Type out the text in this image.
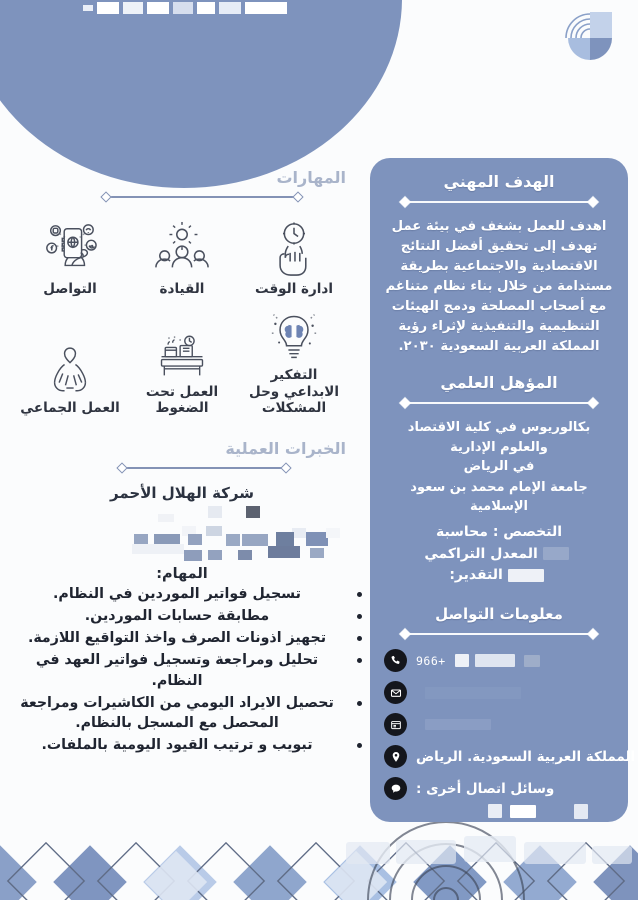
الهدف المهني

اهدف للعمل بشغف في بيئة عمل تهدف إلى تحقيق أفضل النتائج الاقتصادية والاجتماعية بطريقة مستدامة من خلال بناء نظام متناغم مع أصحاب المصلحة ودمج الهيئات التنظيمية والتنفيذية لإثراء رؤية المملكة العربية السعودية ٢٠٣٠.

المؤهل العلمي

بكالوريوس في كلية الاقتصاد والعلوم الإدارية

في الرياض

جامعة الإمام محمد بن سعود الإسلامية

التخصص : محاسبة

المعدل التراكمي

التقدير:

معلومات التواصل
+966
المملكة العربية السعودية. الرياض
وسائل اتصال أخرى :
المهارات
التواصل	القيادة	ادارة الوقت
العمل الجماعي
العمل تحت الضغوط
التفكير الابداعي وحل المشكلات
الخبرات العملية

شركة الهلال الأحمر

المهام:

تسجيل فواتير الموردين في النظام.
مطابقة حسابات الموردين.
تجهيز اذونات الصرف واخذ التواقيع اللازمة.
تحليل ومراجعة وتسجيل فواتير العهد في النظام.
تحصيل الايراد اليومي من الكاشيرات ومراجعة المحصل مع المسجل بالنظام.
تبويب و ترتيب القيود اليومية بالملفات.
